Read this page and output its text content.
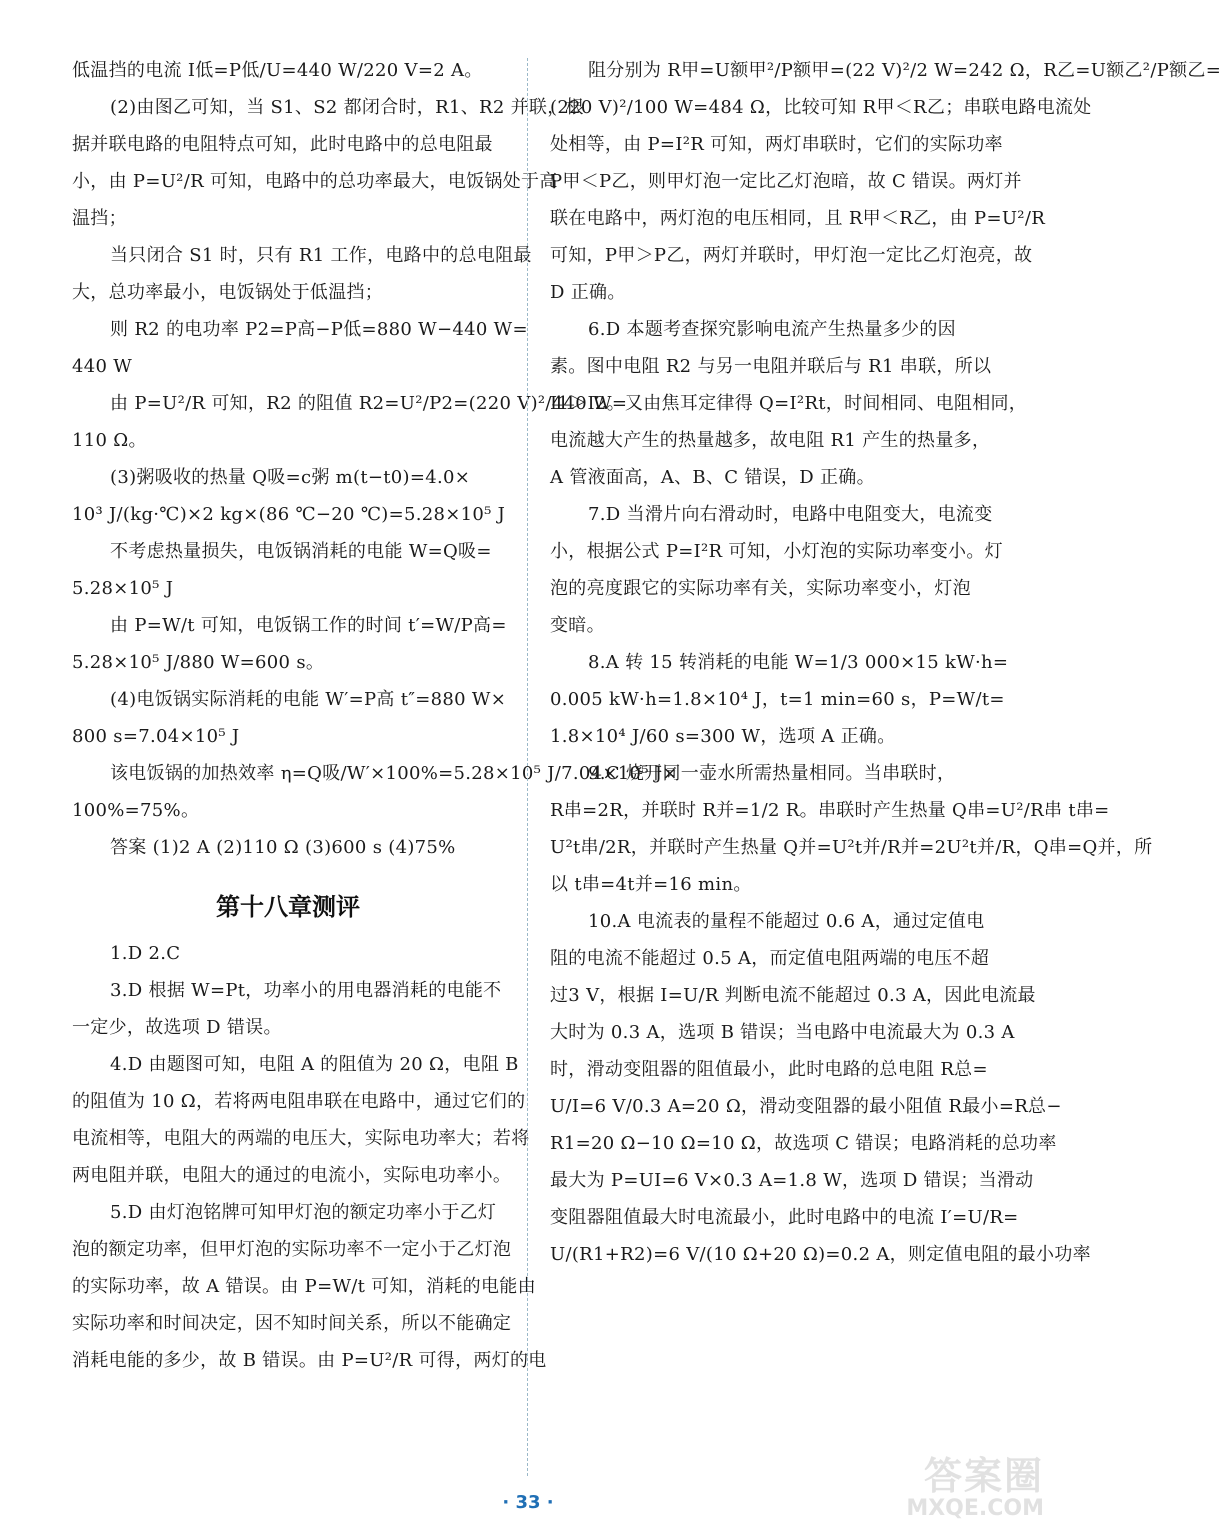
低温挡的电流 I低=P低/U=440 W/220 V=2 A。
(2)由图乙可知，当 S1、S2 都闭合时，R1、R2 并联，根
据并联电路的电阻特点可知，此时电路中的总电阻最
小，由 P=U²/R 可知，电路中的总功率最大，电饭锅处于高
温挡；
当只闭合 S1 时，只有 R1 工作，电路中的总电阻最
大，总功率最小，电饭锅处于低温挡；
则 R2 的电功率 P2=P高−P低=880 W−440 W=
440 W
由 P=U²/R 可知，R2 的阻值 R2=U²/P2=(220 V)²/440 W=
110 Ω。
(3)粥吸收的热量 Q吸=c粥 m(t−t0)=4.0×
10³ J/(kg·℃)×2 kg×(86 ℃−20 ℃)=5.28×10⁵ J
不考虑热量损失，电饭锅消耗的电能 W=Q吸=
5.28×10⁵ J
由 P=W/t 可知，电饭锅工作的时间 t′=W/P高=
5.28×10⁵ J/880 W=600 s。
(4)电饭锅实际消耗的电能 W′=P高 t″=880 W×
800 s=7.04×10⁵ J
该电饭锅的加热效率 η=Q吸/W′×100%=5.28×10⁵ J/7.04×10⁵ J×
100%=75%。
答案 (1)2 A (2)110 Ω (3)600 s (4)75%
第十八章测评
1.D 2.C
3.D 根据 W=Pt，功率小的用电器消耗的电能不
一定少，故选项 D 错误。
4.D 由题图可知，电阻 A 的阻值为 20 Ω，电阻 B
的阻值为 10 Ω，若将两电阻串联在电路中，通过它们的
电流相等，电阻大的两端的电压大，实际电功率大；若将
两电阻并联，电阻大的通过的电流小，实际电功率小。
5.D 由灯泡铭牌可知甲灯泡的额定功率小于乙灯
泡的额定功率，但甲灯泡的实际功率不一定小于乙灯泡
的实际功率，故 A 错误。由 P=W/t 可知，消耗的电能由
实际功率和时间决定，因不知时间关系，所以不能确定
消耗电能的多少，故 B 错误。由 P=U²/R 可得，两灯的电
阻分别为 R甲=U额甲²/P额甲=(22 V)²/2 W=242 Ω，R乙=U额乙²/P额乙=
(220 V)²/100 W=484 Ω，比较可知 R甲＜R乙；串联电路电流处
处相等，由 P=I²R 可知，两灯串联时，它们的实际功率
P甲＜P乙，则甲灯泡一定比乙灯泡暗，故 C 错误。两灯并
联在电路中，两灯泡的电压相同，且 R甲＜R乙，由 P=U²/R
可知，P甲＞P乙，两灯并联时，甲灯泡一定比乙灯泡亮，故
D 正确。
6.D 本题考查探究影响电流产生热量多少的因
素。图中电阻 R2 与另一电阻并联后与 R1 串联，所以
I1＞I2。又由焦耳定律得 Q=I²Rt，时间相同、电阻相同，
电流越大产生的热量越多，故电阻 R1 产生的热量多，
A 管液面高，A、B、C 错误，D 正确。
7.D 当滑片向右滑动时，电路中电阻变大，电流变
小，根据公式 P=I²R 可知，小灯泡的实际功率变小。灯
泡的亮度跟它的实际功率有关，实际功率变小，灯泡
变暗。
8.A 转 15 转消耗的电能 W=1/3 000×15 kW·h=
0.005 kW·h=1.8×10⁴ J，t=1 min=60 s，P=W/t=
1.8×10⁴ J/60 s=300 W，选项 A 正确。
9.C 烧开同一壶水所需热量相同。当串联时，
R串=2R，并联时 R并=1/2 R。串联时产生热量 Q串=U²/R串 t串=
U²t串/2R，并联时产生热量 Q并=U²t并/R并=2U²t并/R，Q串=Q并，所
以 t串=4t并=16 min。
10.A 电流表的量程不能超过 0.6 A，通过定值电
阻的电流不能超过 0.5 A，而定值电阻两端的电压不超
过3 V，根据 I=U/R 判断电流不能超过 0.3 A，因此电流最
大时为 0.3 A，选项 B 错误；当电路中电流最大为 0.3 A
时，滑动变阻器的阻值最小，此时电路的总电阻 R总=
U/I=6 V/0.3 A=20 Ω，滑动变阻器的最小阻值 R最小=R总−
R1=20 Ω−10 Ω=10 Ω，故选项 C 错误；电路消耗的总功率
最大为 P=UI=6 V×0.3 A=1.8 W，选项 D 错误；当滑动
变阻器阻值最大时电流最小，此时电路中的电流 I′=U/R=
U/(R1+R2)=6 V/(10 Ω+20 Ω)=0.2 A，则定值电阻的最小功率
· 33 ·
答案圈
MXQE.COM
